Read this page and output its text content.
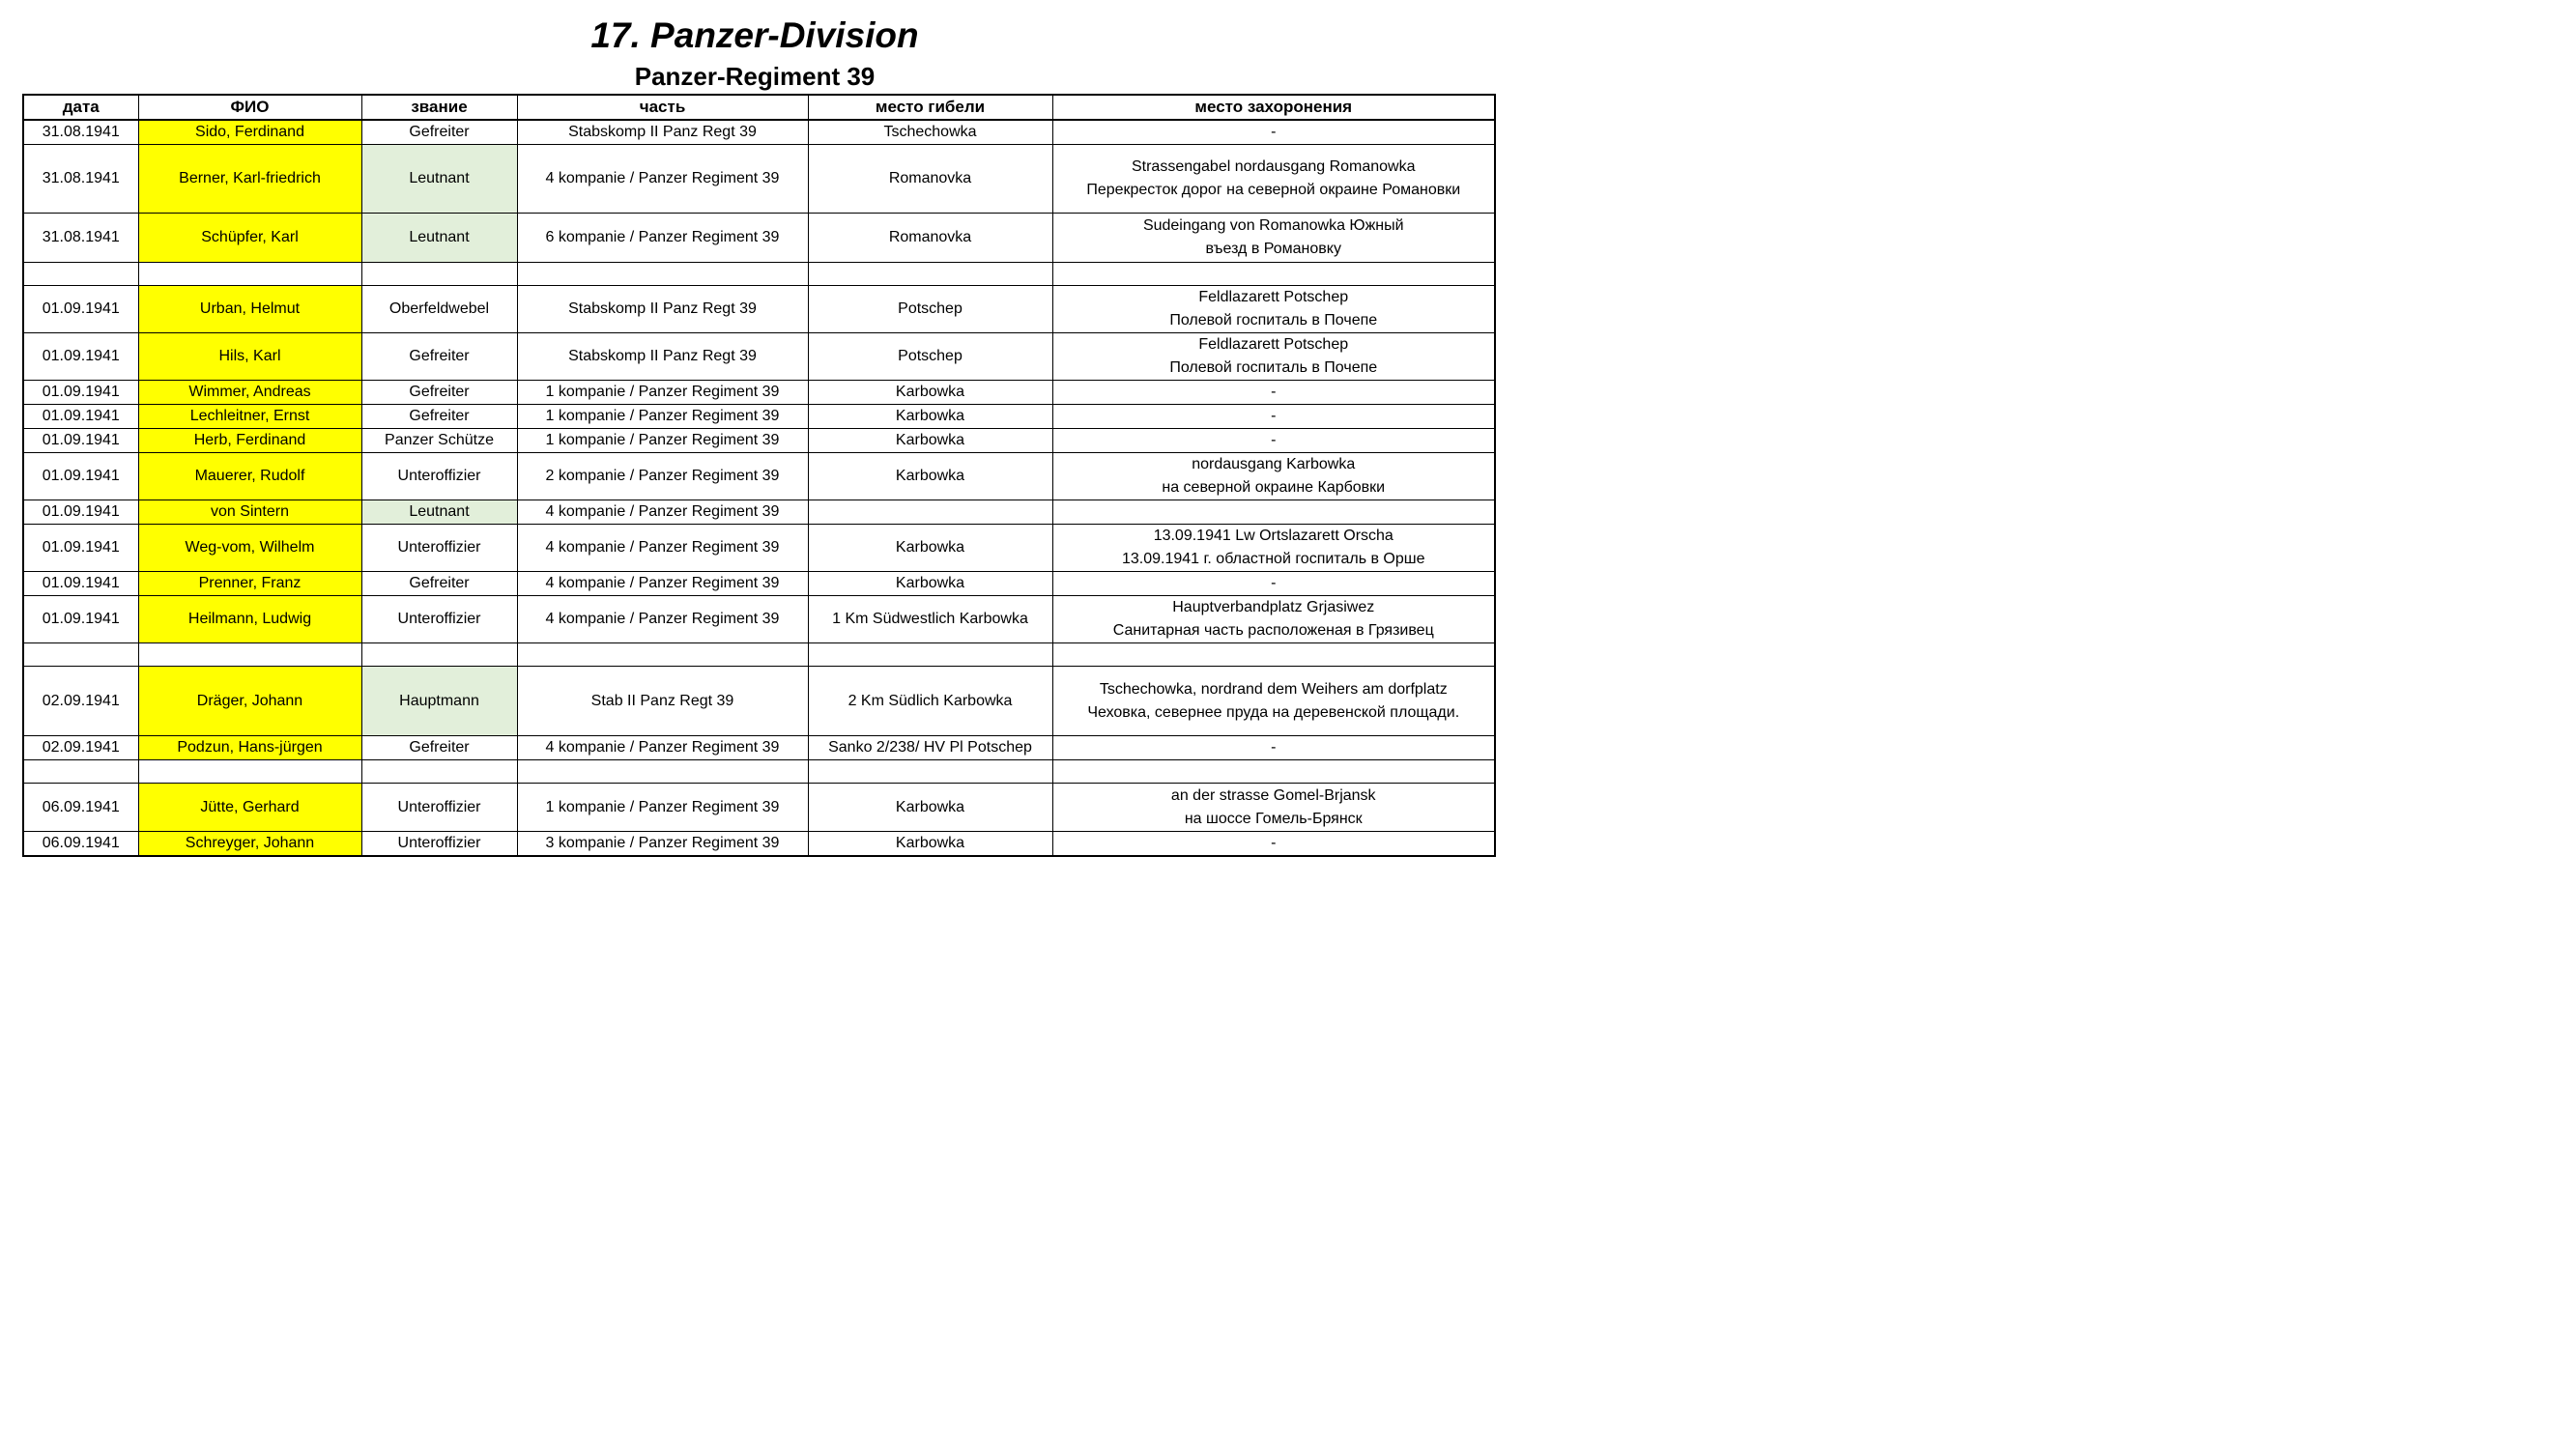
17. Panzer-Division
Panzer-Regiment 39
дата	ФИО	звание	часть	место гибели	место захоронения
31.08.1941	Sido, Ferdinand	Gefreiter	Stabskomp II Panz Regt 39	Tschechowka	-

31.08.1941	Berner, Karl-friedrich	Leutnant	4 kompanie / Panzer Regiment 39	Romanovka	Strassengabel nordausgang Romanowka
Перекресток дорог на северной окраине Романовки

31.08.1941	Schüpfer, Karl	Leutnant	6 kompanie / Panzer Regiment 39	Romanovka	Sudeingang von Romanowka Южный
въезд в Романовку

01.09.1941	Urban, Helmut	Oberfeldwebel	Stabskomp II Panz Regt 39	Potschep	Feldlazarett Potschep
Полевой госпиталь в Почепе

01.09.1941	Hils, Karl	Gefreiter	Stabskomp II Panz Regt 39	Potschep	Feldlazarett Potschep
Полевой госпиталь в Почепе

01.09.1941	Wimmer, Andreas	Gefreiter	1 kompanie / Panzer Regiment 39	Karbowka	-

01.09.1941	Lechleitner, Ernst	Gefreiter	1 kompanie / Panzer Regiment 39	Karbowka	-

01.09.1941	Herb, Ferdinand	Panzer Schütze	1 kompanie / Panzer Regiment 39	Karbowka	-

01.09.1941	Mauerer, Rudolf	Unteroffizier	2 kompanie / Panzer Regiment 39	Karbowka	nordausgang Karbowka
на северной окраине Карбовки

01.09.1941	von Sintern	Leutnant	4 kompanie / Panzer Regiment 39		

01.09.1941	Weg-vom, Wilhelm	Unteroffizier	4 kompanie / Panzer Regiment 39	Karbowka	13.09.1941 Lw Ortslazarett Orscha
13.09.1941 г. областной госпиталь в Орше

01.09.1941	Prenner, Franz	Gefreiter	4 kompanie / Panzer Regiment 39	Karbowka	-

01.09.1941	Heilmann, Ludwig	Unteroffizier	4 kompanie / Panzer Regiment 39	1 Km Südwestlich Karbowka	Hauptverbandplatz Grjasiwez
Санитарная часть расположеная в Грязивец

02.09.1941	Dräger, Johann	Hauptmann	Stab II Panz Regt 39	2 Km Südlich Karbowka	Tschechowka, nordrand dem Weihers am dorfplatz
Чеховка, севернее пруда на деревенской площади.

02.09.1941	Podzun, Hans-jürgen	Gefreiter	4 kompanie / Panzer Regiment 39	Sanko 2/238/ HV Pl Potschep	-

06.09.1941	Jütte, Gerhard	Unteroffizier	1 kompanie / Panzer Regiment 39	Karbowka	an der strasse Gomel-Brjansk
на шоссе Гомель-Брянск

06.09.1941	Schreyger, Johann	Unteroffizier	3 kompanie / Panzer Regiment 39	Karbowka	-
